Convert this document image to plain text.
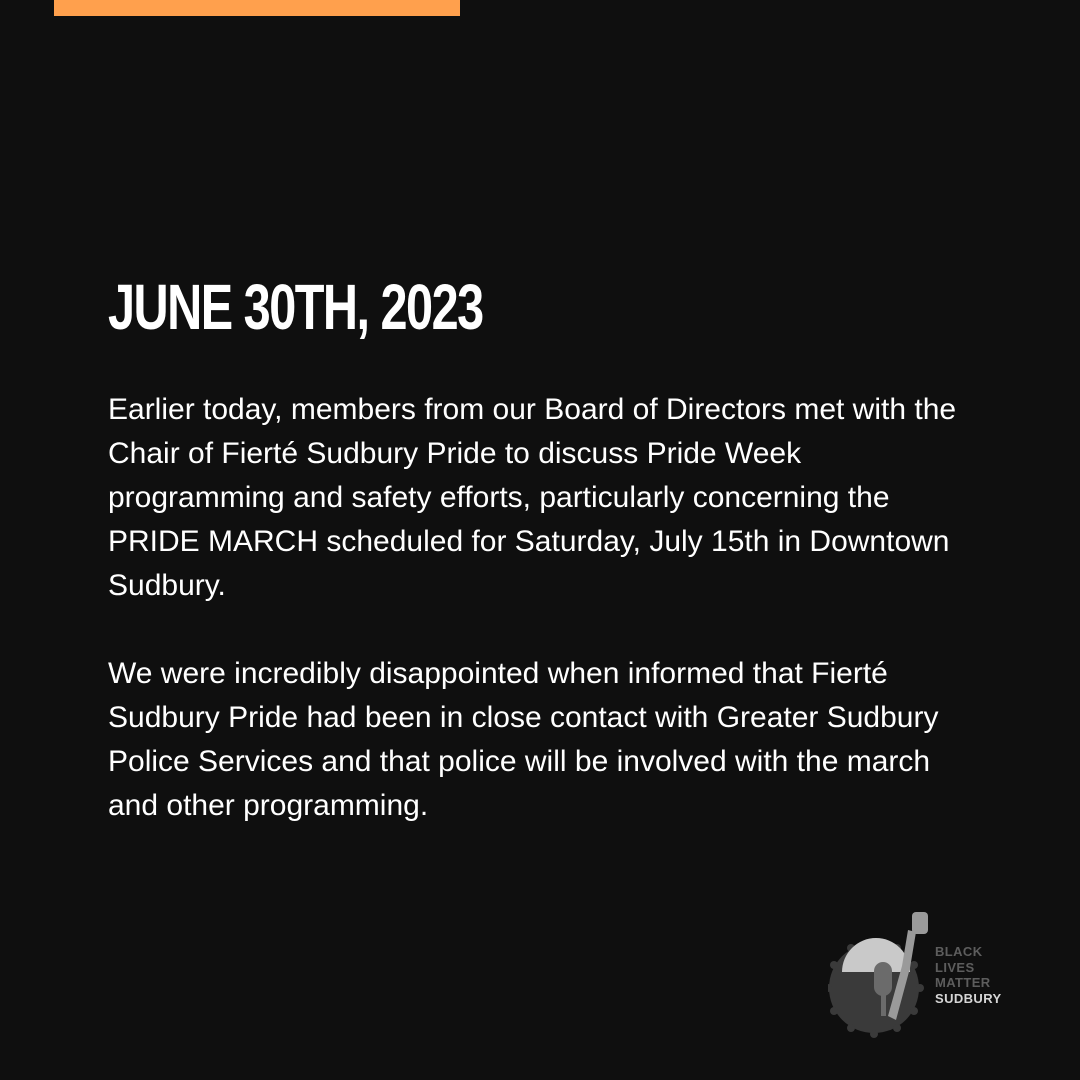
JUNE 30TH, 2023

Earlier today, members from our Board of Directors met with the Chair of Fierté Sudbury Pride to discuss Pride Week programming and safety efforts, particularly concerning the PRIDE MARCH scheduled for Saturday, July 15th in Downtown Sudbury.

We were incredibly disappointed when informed that Fierté Sudbury Pride had been in close contact with Greater Sudbury Police Services and that police will be involved with the march and other programming.

BLACK
LIVES
MATTER
SUDBURY
